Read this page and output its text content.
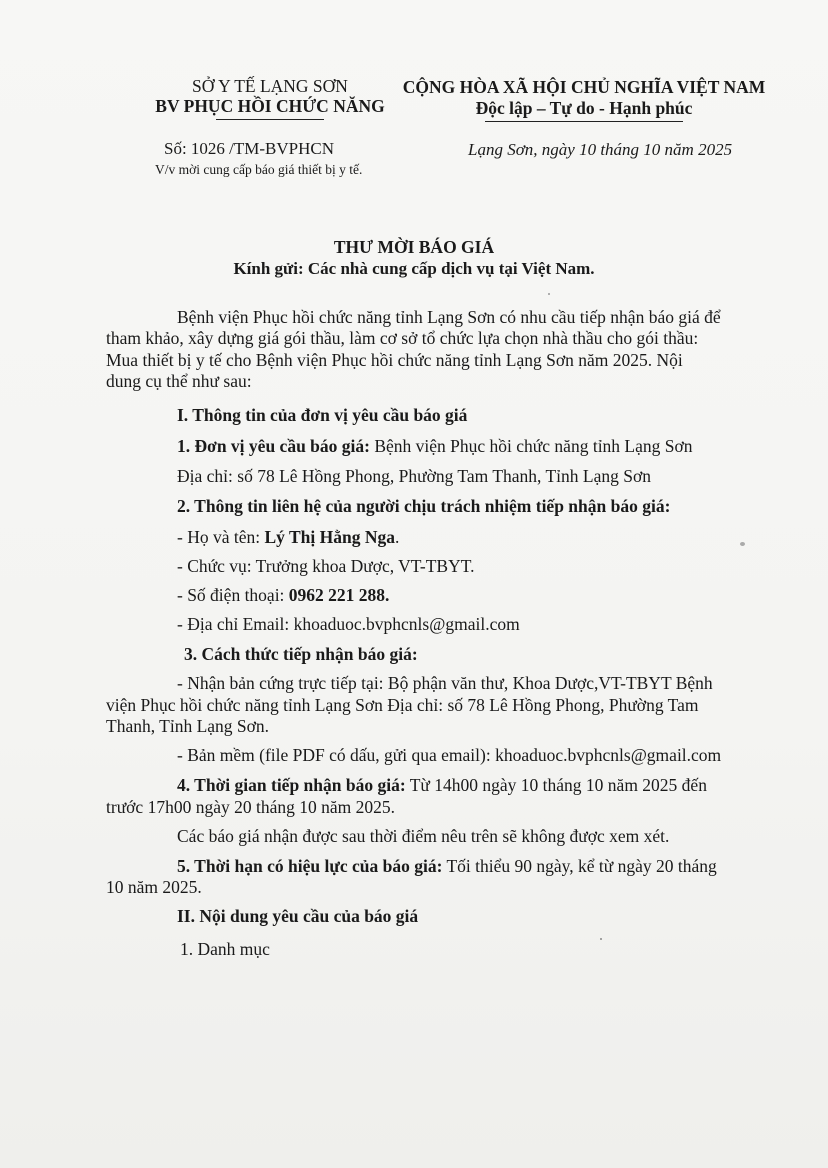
SỞ Y TẾ LẠNG SƠN
BV PHỤC HỒI CHỨC NĂNG
Số: 1026 /TM-BVPHCN
V/v mời cung cấp báo giá thiết bị y tế.
CỘNG HÒA XÃ HỘI CHỦ NGHĨA VIỆT NAM
Độc lập – Tự do - Hạnh phúc
Lạng Sơn, ngày 10 tháng 10 năm 2025
THƯ MỜI BÁO GIÁ
Kính gửi: Các nhà cung cấp dịch vụ tại Việt Nam.
Bệnh viện Phục hồi chức năng tỉnh Lạng Sơn có nhu cầu tiếp nhận báo giá để
tham khảo, xây dựng giá gói thầu, làm cơ sở tổ chức lựa chọn nhà thầu cho gói thầu:
Mua thiết bị y tế cho Bệnh viện Phục hồi chức năng tỉnh Lạng Sơn năm 2025. Nội
dung cụ thể như sau:
I. Thông tin của đơn vị yêu cầu báo giá
1. Đơn vị yêu cầu báo giá: Bệnh viện Phục hồi chức năng tỉnh Lạng Sơn
Địa chỉ: số 78 Lê Hồng Phong, Phường Tam Thanh, Tỉnh Lạng Sơn
2. Thông tin liên hệ của người chịu trách nhiệm tiếp nhận báo giá:
- Họ và tên: Lý Thị Hằng Nga.
- Chức vụ: Trưởng khoa Dược, VT-TBYT.
- Số điện thoại: 0962 221 288.
- Địa chỉ Email: khoaduoc.bvphcnls@gmail.com
3. Cách thức tiếp nhận báo giá:
- Nhận bản cứng trực tiếp tại: Bộ phận văn thư, Khoa Dược,VT-TBYT Bệnh
viện Phục hồi chức năng tỉnh Lạng Sơn Địa chỉ: số 78 Lê Hồng Phong, Phường Tam
Thanh, Tỉnh Lạng Sơn.
- Bản mềm (file PDF có dấu, gửi qua email): khoaduoc.bvphcnls@gmail.com
4. Thời gian tiếp nhận báo giá: Từ 14h00 ngày 10 tháng 10 năm 2025 đến
trước 17h00 ngày 20 tháng 10 năm 2025.
Các báo giá nhận được sau thời điểm nêu trên sẽ không được xem xét.
5. Thời hạn có hiệu lực của báo giá: Tối thiểu 90 ngày, kể từ ngày 20 tháng
10 năm 2025.
II. Nội dung yêu cầu của báo giá
1. Danh mục
